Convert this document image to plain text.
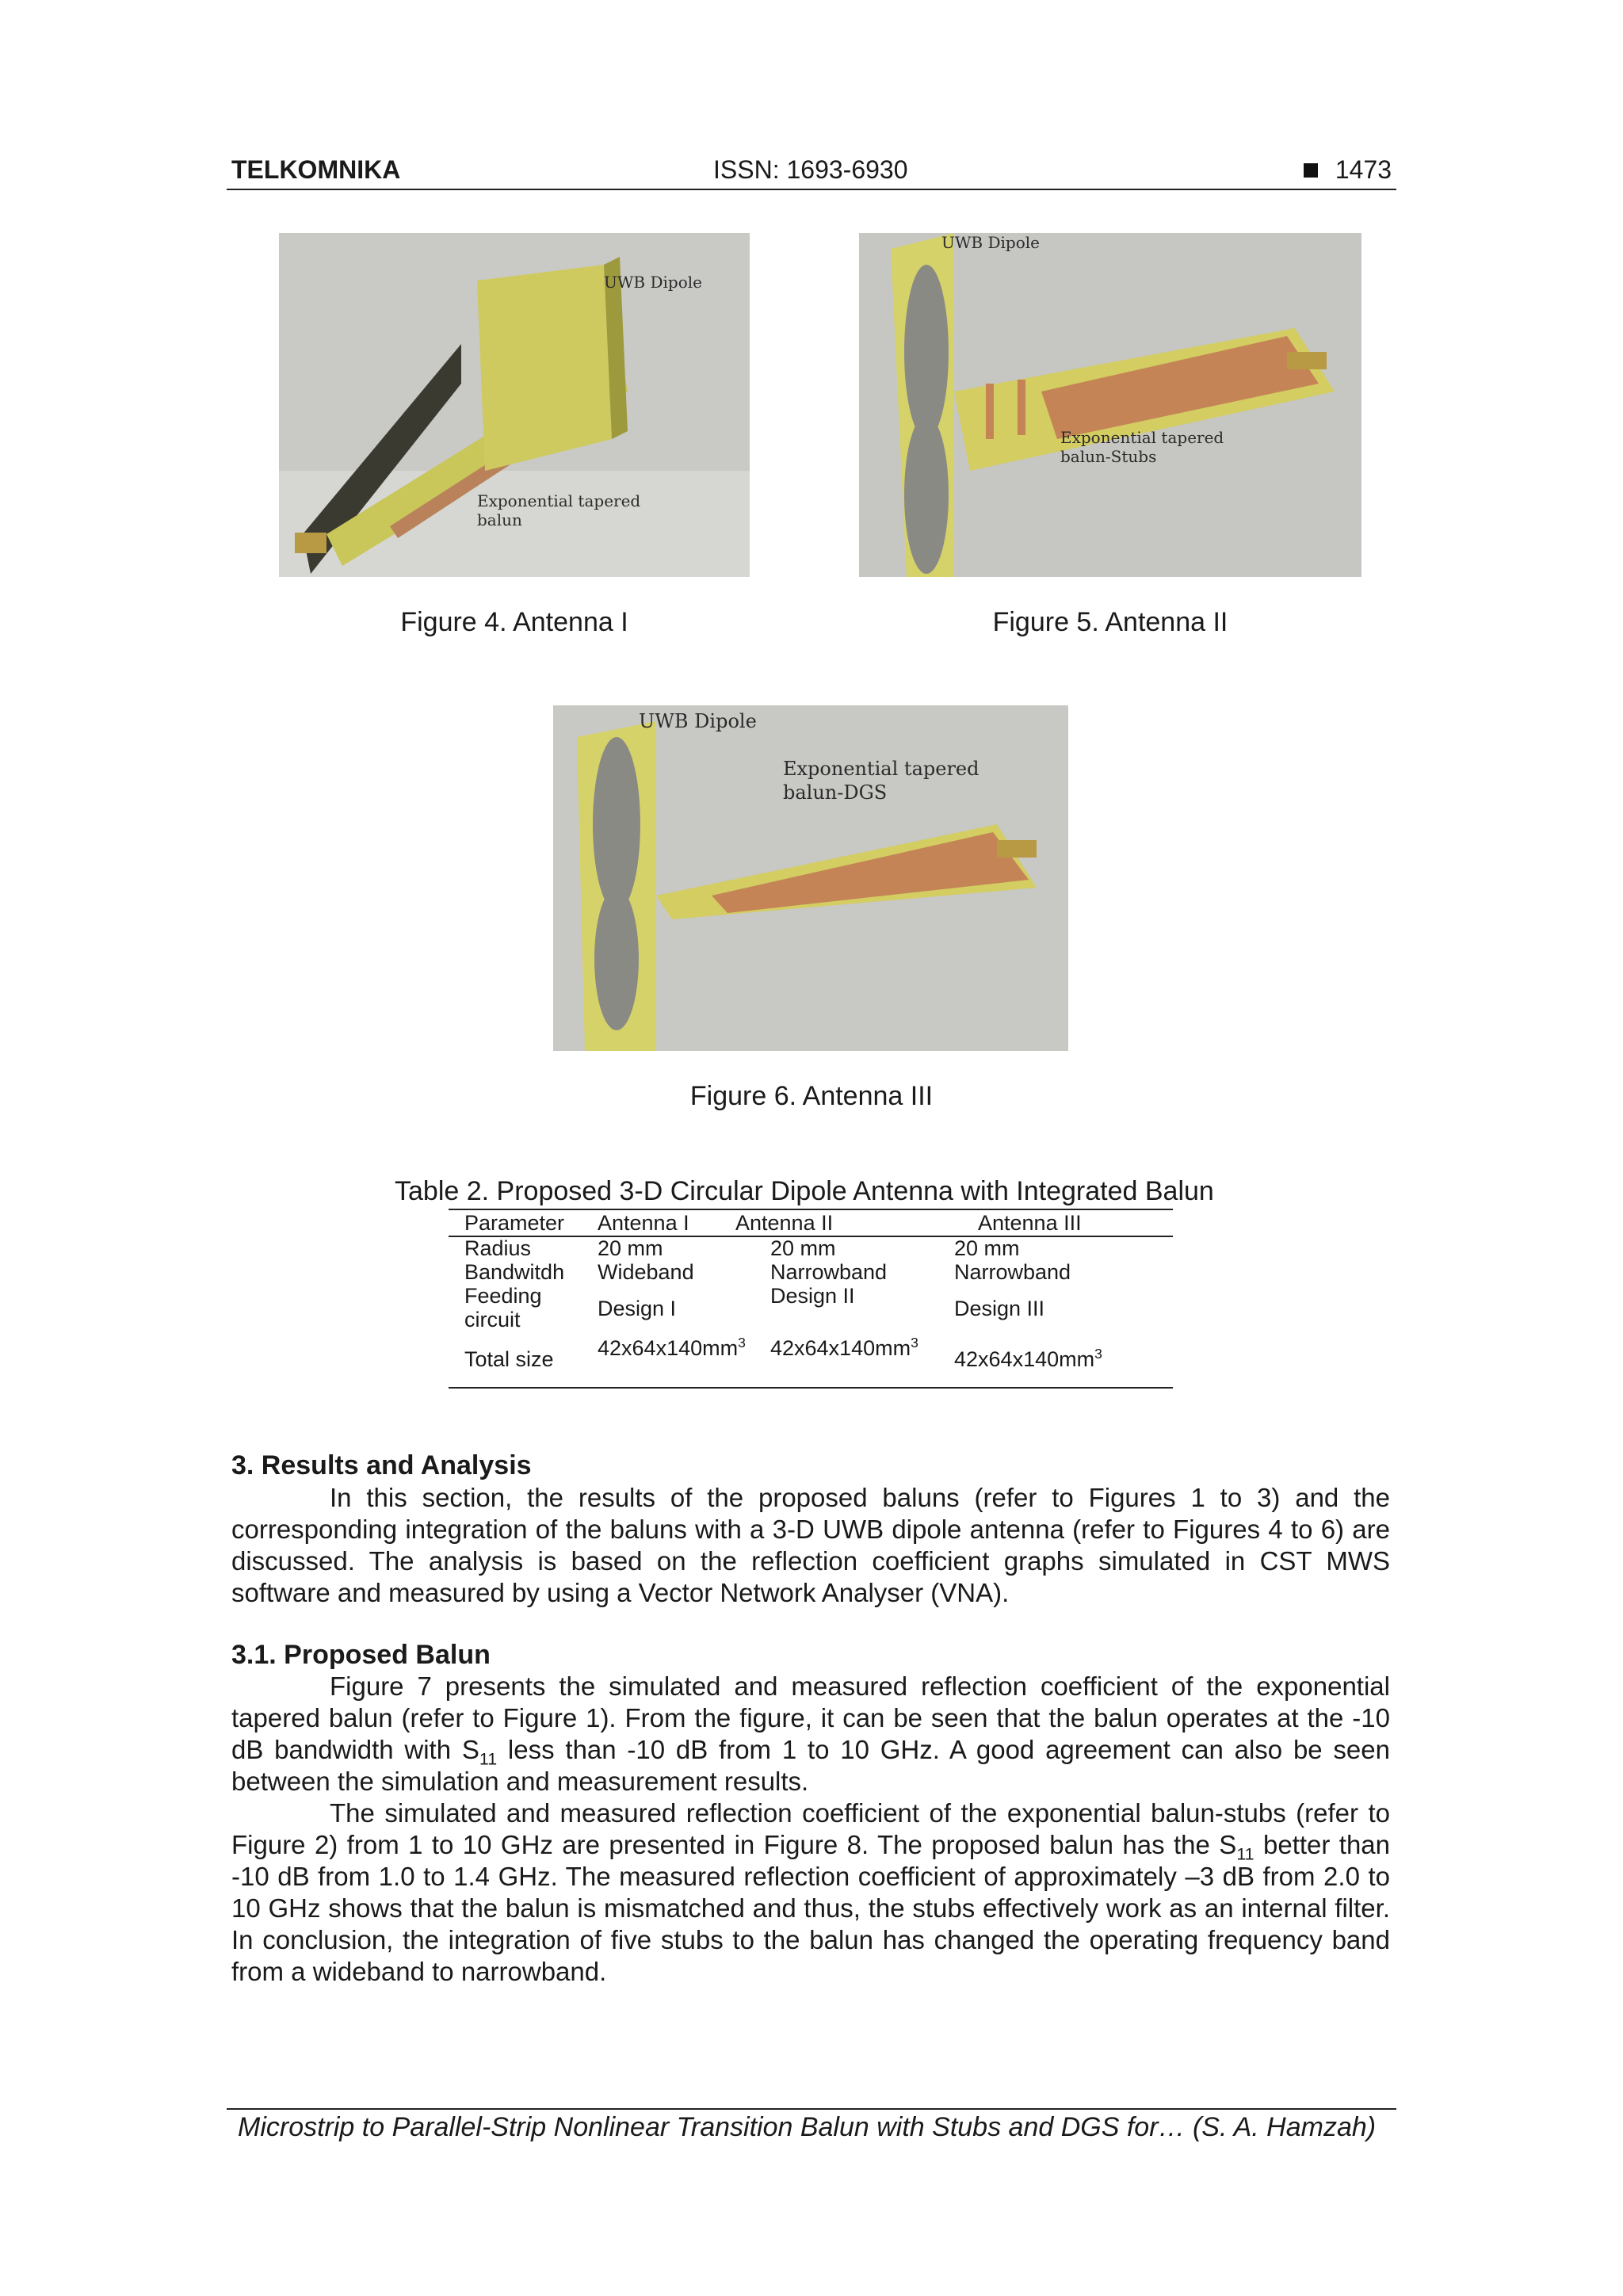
TELKOMNIKA	ISSN: 1693-6930	1473
UWB Dipole
Exponential tapered
balun
UWB Dipole
Exponential tapered
balun-Stubs
Figure 4. Antenna I	Figure 5. Antenna II
UWB Dipole
Exponential tapered
balun-DGS
Figure 6. Antenna III
Table 2. Proposed 3-D Circular Dipole Antenna with Integrated Balun
Parameter	Antenna I	Antenna II	Antenna III
Radius	20 mm	20 mm	20 mm
Bandwitdh	Wideband	Narrowband	Narrowband
Feeding circuit	Design I	Design II	Design III
Total size	$42x64x140mm^3$	$42x64x140mm^3$	$42x64x140mm^3$
3. Results and Analysis
In this section, the results of the proposed baluns (refer to Figures 1 to 3) and the corresponding integration of the baluns with a 3-D UWB dipole antenna (refer to Figures 4 to 6) are discussed. The analysis is based on the reflection coefficient graphs simulated in CST MWS software and measured by using a Vector Network Analyser (VNA).
3.1. Proposed Balun

Figure 7 presents the simulated and measured reflection coefficient of the exponential tapered balun (refer to Figure 1). From the figure, it can be seen that the balun operates at the -10 dB bandwidth with $S_{11}$ less than -10 dB from 1 to 10 GHz. A good agreement can also be seen between the simulation and measurement results.

The simulated and measured reflection coefficient of the exponential balun-stubs (refer to Figure 2) from 1 to 10 GHz are presented in Figure 8. The proposed balun has the $S_{11}$ better than -10 dB from 1.0 to 1.4 GHz. The measured reflection coefficient of approximately –3 dB from 2.0 to 10 GHz shows that the balun is mismatched and thus, the stubs effectively work as an internal filter. In conclusion, the integration of five stubs to the balun has changed the operating frequency band from a wideband to narrowband.

Microstrip to Parallel-Strip Nonlinear Transition Balun with Stubs and DGS for… (S. A. Hamzah)
